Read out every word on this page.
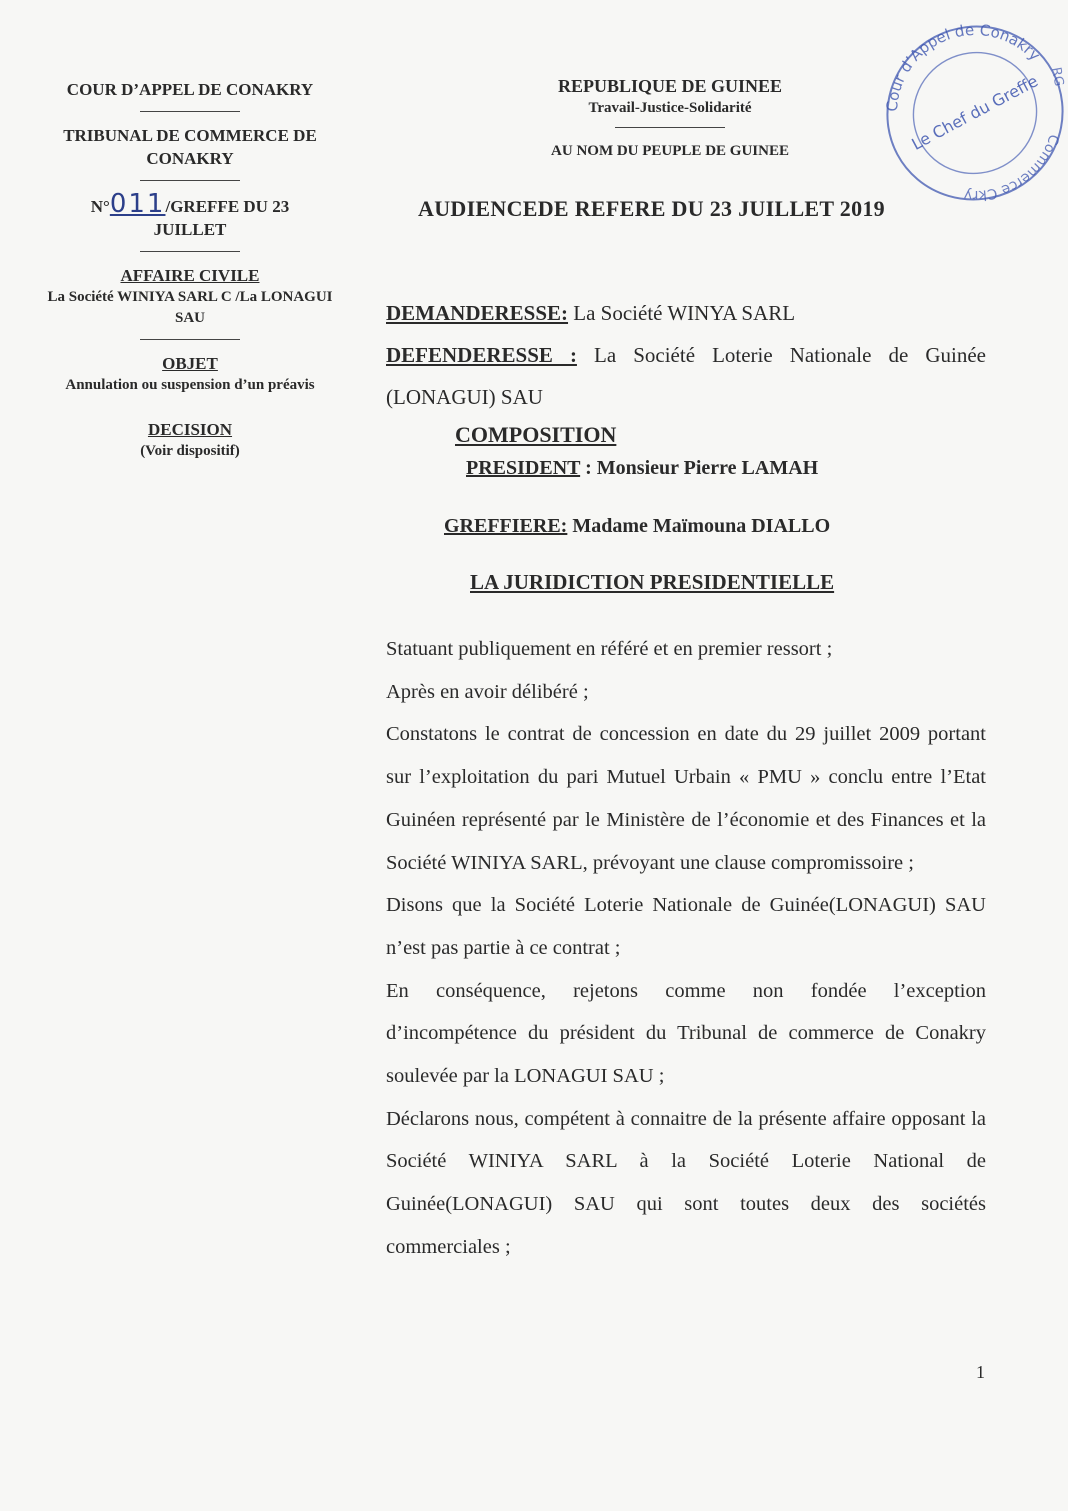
COUR D’APPEL DE CONAKRY
TRIBUNAL DE COMMERCE DE CONAKRY
N°011/GREFFE DU 23 JUILLET
AFFAIRE CIVILE
La Société WINIYA SARL C /La LONAGUI SAU
OBJET
Annulation ou suspension d’un préavis
DECISION
(Voir dispositif)
REPUBLIQUE DE GUINEE
Travail-Justice-Solidarité
AU NOM DU PEUPLE DE GUINEE
AUDIENCEDE REFERE DU 23 JUILLET 2019
Cour d’Appel de Conakry
Commerce Ckry
Le Chef du Greffe RG
DEMANDERESSE: La Société WINYA SARL
DEFENDERESSE : La Société Loterie Nationale de Guinée (LONAGUI) SAU
COMPOSITION
PRESIDENT : Monsieur Pierre LAMAH
GREFFIERE: Madame Maïmouna DIALLO
LA JURIDICTION PRESIDENTIELLE

Statuant publiquement en référé et en premier ressort ;

Après en avoir délibéré ;

Constatons le contrat de concession en date du 29 juillet 2009 portant sur l’exploitation du pari Mutuel Urbain « PMU » conclu entre l’Etat Guinéen représenté par le Ministère de l’économie et des Finances et la Société WINIYA SARL, prévoyant une clause compromissoire ;

Disons que la Société Loterie Nationale de Guinée(LONAGUI) SAU n’est pas partie à ce contrat ;

En conséquence, rejetons comme non fondée l’exception d’incompétence du président du Tribunal de commerce de Conakry soulevée par la LONAGUI SAU ;

Déclarons nous, compétent à connaitre de la présente affaire opposant la Société WINIYA SARL à la Société Loterie National de Guinée(LONAGUI) SAU qui sont toutes deux des sociétés commerciales ;

1
